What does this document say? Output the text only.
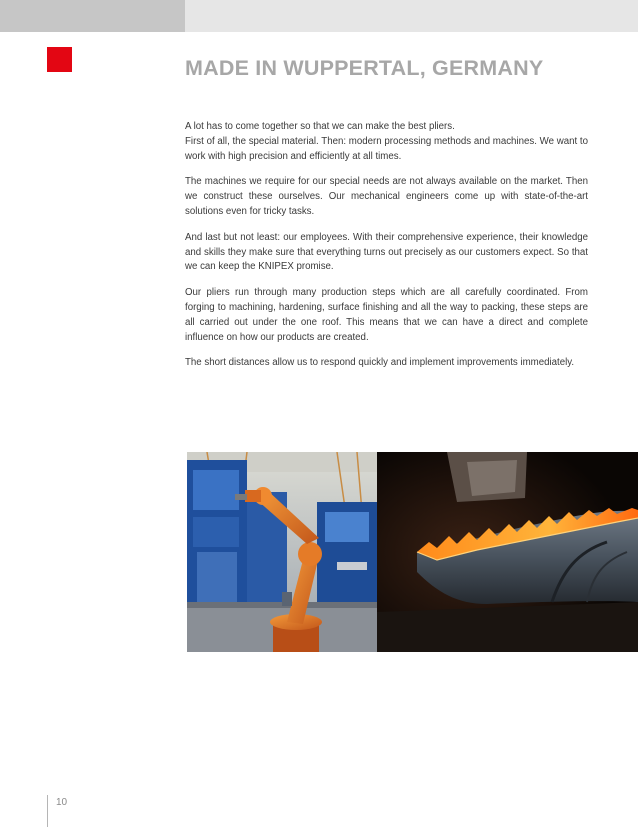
MADE IN WUPPERTAL, GERMANY

A lot has to come together so that we can make the best pliers.
First of all, the special material. Then: modern processing methods and machines. We want to work with high precision and efficiently at all times.

The machines we require for our special needs are not always available on the market. Then we construct these ourselves. Our mechanical engineers come up with state-of-the-art solutions even for tricky tasks.

And last but not least: our employees. With their comprehensive experience, their knowledge and skills they make sure that everything turns out precisely as our customers expect. So that we can keep the KNIPEX promise.

Our pliers run through many production steps which are all carefully coordinated. From forging to machining, hardening, surface finishing and all the way to packing, these steps are all carried out under the one roof. This means that we can have a direct and complete influence on how our products are created.

The short distances allow us to respond quickly and implement improvements immediately.

10
